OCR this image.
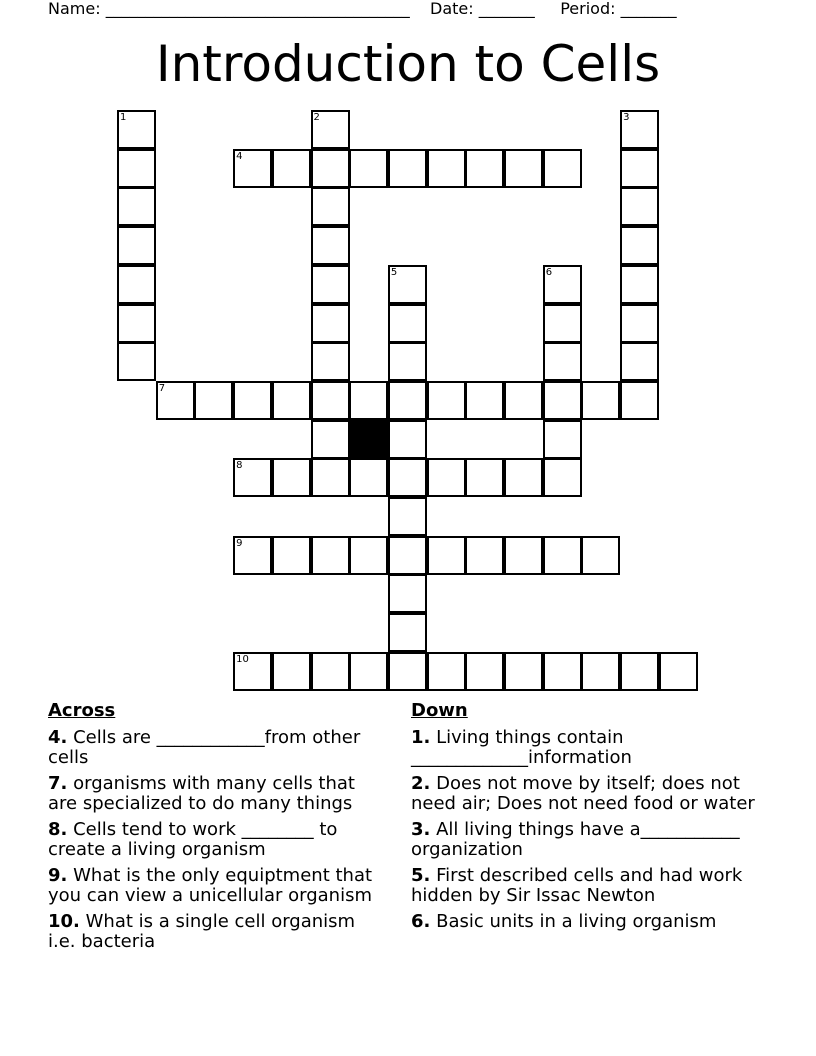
Name: ______________________________________ Date: _______ Period: _______
Introduction to Cells
1	2	3
4
5	6
7
8
9
10
Across
4. Cells are ____________from other cells
7. organisms with many cells that are specialized to do many things
8. Cells tend to work ________ to create a living organism
9. What is the only equiptment that you can view a unicellular organism
10. What is a single cell organism i.e. bacteria
Down
1. Living things contain _____________information
2. Does not move by itself; does not need air; Does not need food or water
3. All living things have a___________ organization
5. First described cells and had work hidden by Sir Issac Newton
6. Basic units in a living organism
